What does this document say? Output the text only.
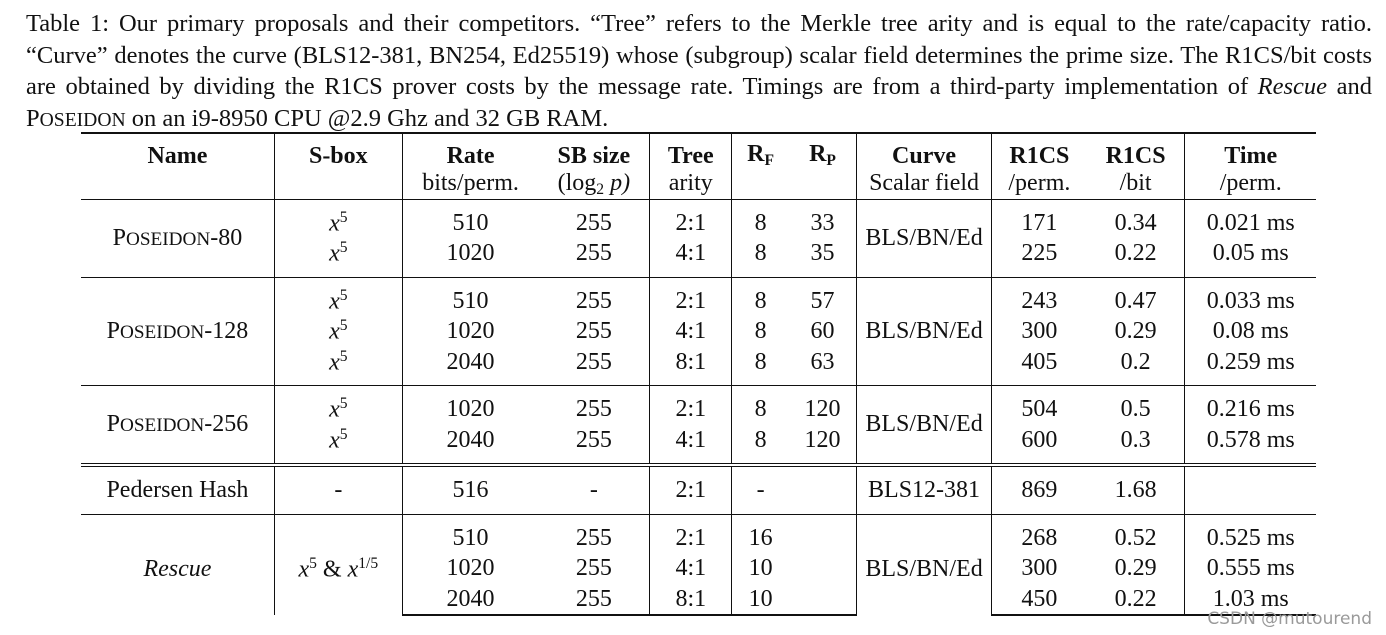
Table 1: Our primary proposals and their competitors. “Tree” refers to the Merkle tree arity and is equal to the rate/capacity ratio. “Curve” denotes the curve (BLS12-381, BN254, Ed25519) whose (subgroup) scalar field determines the prime size. The R1CS/bit costs are obtained by dividing the R1CS prover costs by the message rate. Timings are from a third-party implementation of Rescue and POSEIDON on an i9-8950 CPU @2.9 Ghz and 32 GB RAM.
Name	S-box	Rate	SB size	Tree	$R_F$	$R_P$	Curve	R1CS	R1CS	Time
		bits/perm.	($\log_2$ p)	arity			Scalar field	/perm.	/bit	/perm.

POSEIDON-80	$x^5$	510	255	2:1	8	33	BLS/BN/Ed	171	0.34	0.021 ms
	$x^5$	1020	255	4:1	8	35		225	0.22	0.05 ms

POSEIDON-128	$x^5$	510	255	2:1	8	57	BLS/BN/Ed	243	0.47	0.033 ms
	$x^5$	1020	255	4:1	8	60		300	0.29	0.08 ms
	$x^5$	2040	255	8:1	8	63		405	0.2	0.259 ms

POSEIDON-256	$x^5$	1020	255	2:1	8	120	BLS/BN/Ed	504	0.5	0.216 ms
	$x^5$	2040	255	4:1	8	120		600	0.3	0.578 ms

Pedersen Hash	-	516	-	2:1	-		BLS12-381	869	1.68	

Rescue	$x^5$ & $x^{1/5}$	510	255	2:1	16		BLS/BN/Ed	268	0.52	0.525 ms
		1020	255	4:1	10			300	0.29	0.555 ms
		2040	255	8:1	10			450	0.22	1.03 ms
CSDN @mutourend
